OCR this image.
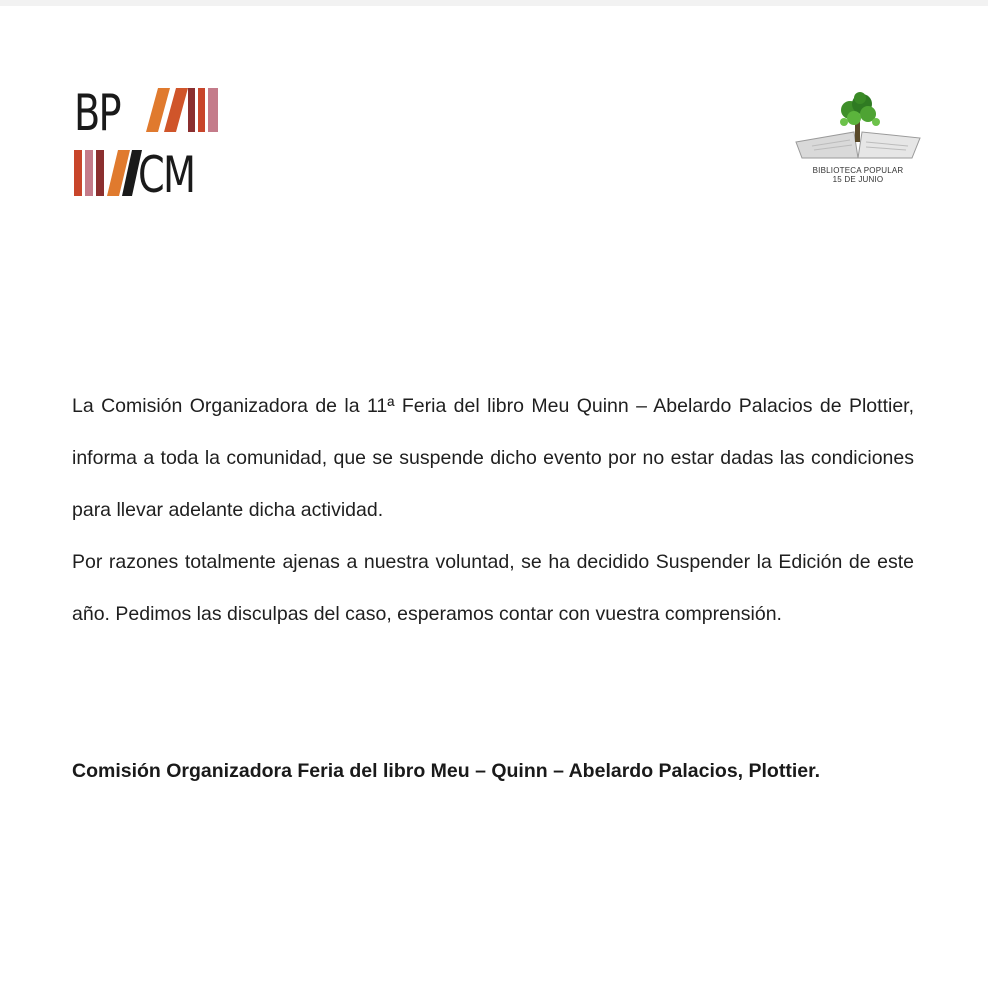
BP
CM	BIBLIOTECA POPULAR
15 DE JUNIO

La Comisión Organizadora de la 11ª Feria del libro Meu Quinn – Abelardo Palacios de Plottier, informa a toda la comunidad, que se suspende dicho evento por no estar dadas las condiciones para llevar adelante dicha actividad.

Por razones totalmente ajenas a nuestra voluntad, se ha decidido Suspender la Edición de este año. Pedimos las disculpas del caso, esperamos contar con vuestra comprensión.

Comisión Organizadora Feria del libro Meu – Quinn – Abelardo Palacios, Plottier.
